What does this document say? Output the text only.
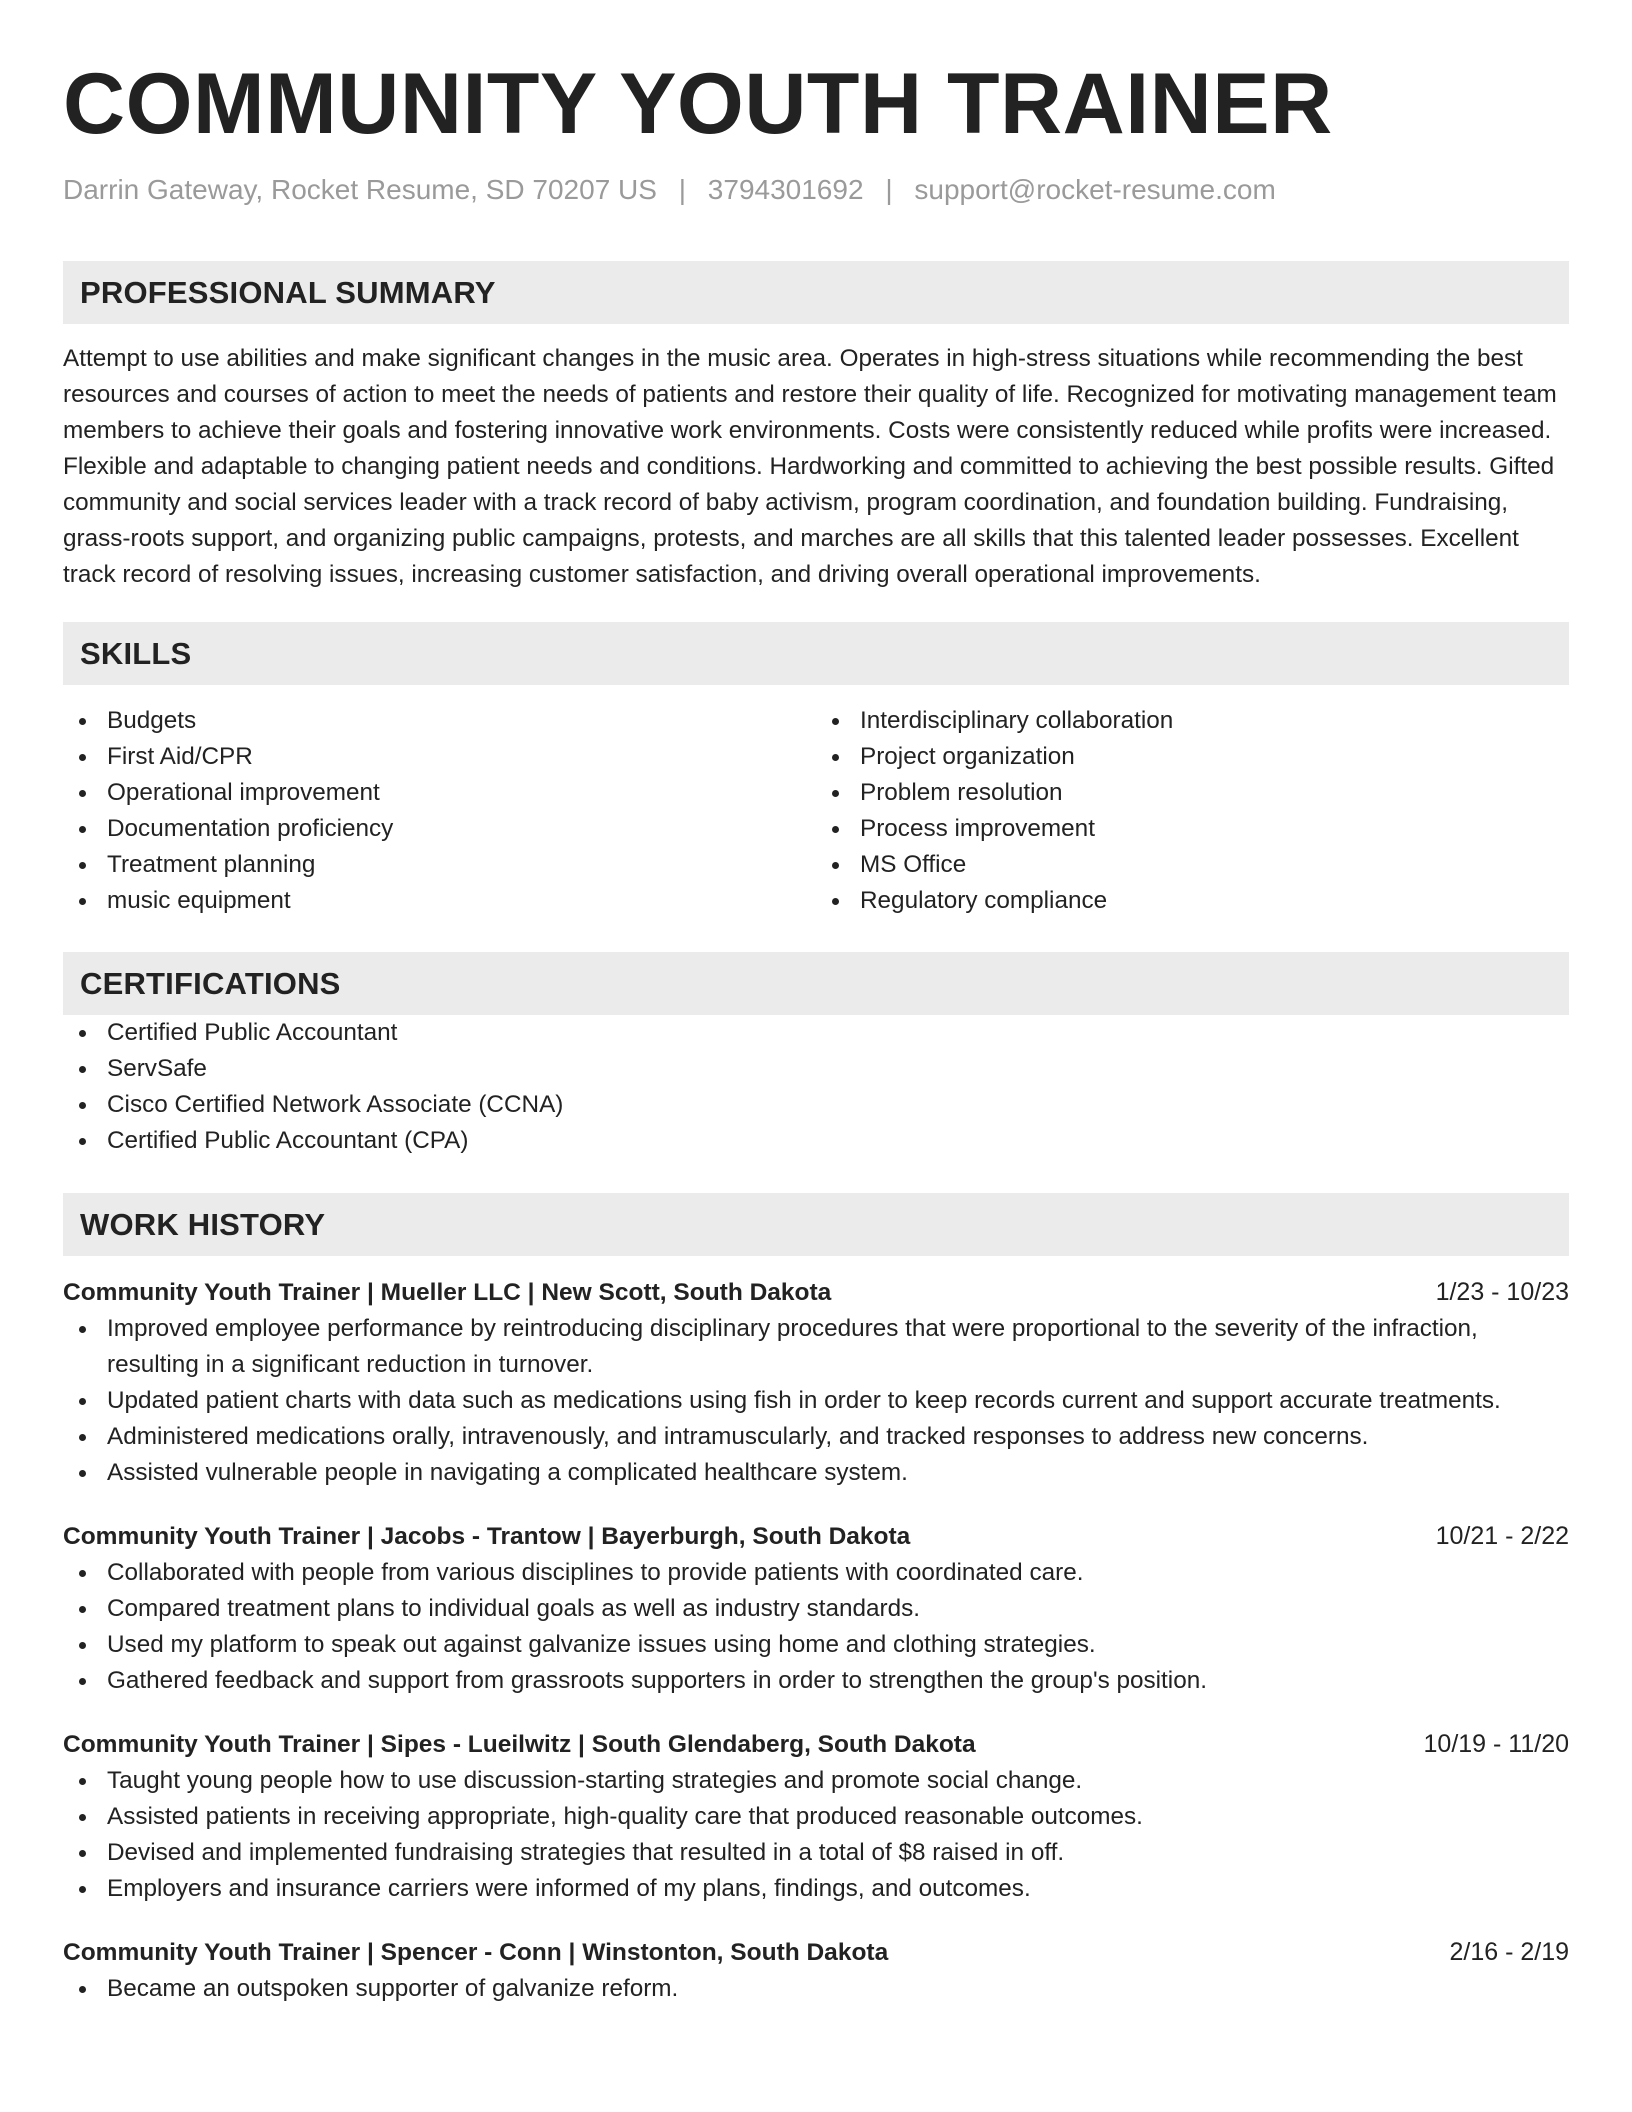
COMMUNITY YOUTH TRAINER
Darrin Gateway, Rocket Resume, SD 70207 US | 3794301692 | support@rocket-resume.com
PROFESSIONAL SUMMARY
Attempt to use abilities and make significant changes in the music area. Operates in high-stress situations while recommending the best resources and courses of action to meet the needs of patients and restore their quality of life. Recognized for motivating management team members to achieve their goals and fostering innovative work environments. Costs were consistently reduced while profits were increased. Flexible and adaptable to changing patient needs and conditions. Hardworking and committed to achieving the best possible results. Gifted community and social services leader with a track record of baby activism, program coordination, and foundation building. Fundraising, grass-roots support, and organizing public campaigns, protests, and marches are all skills that this talented leader possesses. Excellent track record of resolving issues, increasing customer satisfaction, and driving overall operational improvements.
SKILLS
Budgets
First Aid/CPR
Operational improvement
Documentation proficiency
Treatment planning
music equipment
Interdisciplinary collaboration
Project organization
Problem resolution
Process improvement
MS Office
Regulatory compliance
CERTIFICATIONS
Certified Public Accountant
ServSafe
Cisco Certified Network Associate (CCNA)
Certified Public Accountant (CPA)
WORK HISTORY
Community Youth Trainer | Mueller LLC | New Scott, South Dakota	1/23 - 10/23
Improved employee performance by reintroducing disciplinary procedures that were proportional to the severity of the infraction, resulting in a significant reduction in turnover.
Updated patient charts with data such as medications using fish in order to keep records current and support accurate treatments.
Administered medications orally, intravenously, and intramuscularly, and tracked responses to address new concerns.
Assisted vulnerable people in navigating a complicated healthcare system.
Community Youth Trainer | Jacobs - Trantow | Bayerburgh, South Dakota	10/21 - 2/22
Collaborated with people from various disciplines to provide patients with coordinated care.
Compared treatment plans to individual goals as well as industry standards.
Used my platform to speak out against galvanize issues using home and clothing strategies.
Gathered feedback and support from grassroots supporters in order to strengthen the group's position.
Community Youth Trainer | Sipes - Lueilwitz | South Glendaberg, South Dakota	10/19 - 11/20
Taught young people how to use discussion-starting strategies and promote social change.
Assisted patients in receiving appropriate, high-quality care that produced reasonable outcomes.
Devised and implemented fundraising strategies that resulted in a total of $8 raised in off.
Employers and insurance carriers were informed of my plans, findings, and outcomes.
Community Youth Trainer | Spencer - Conn | Winstonton, South Dakota	2/16 - 2/19
Became an outspoken supporter of galvanize reform.
